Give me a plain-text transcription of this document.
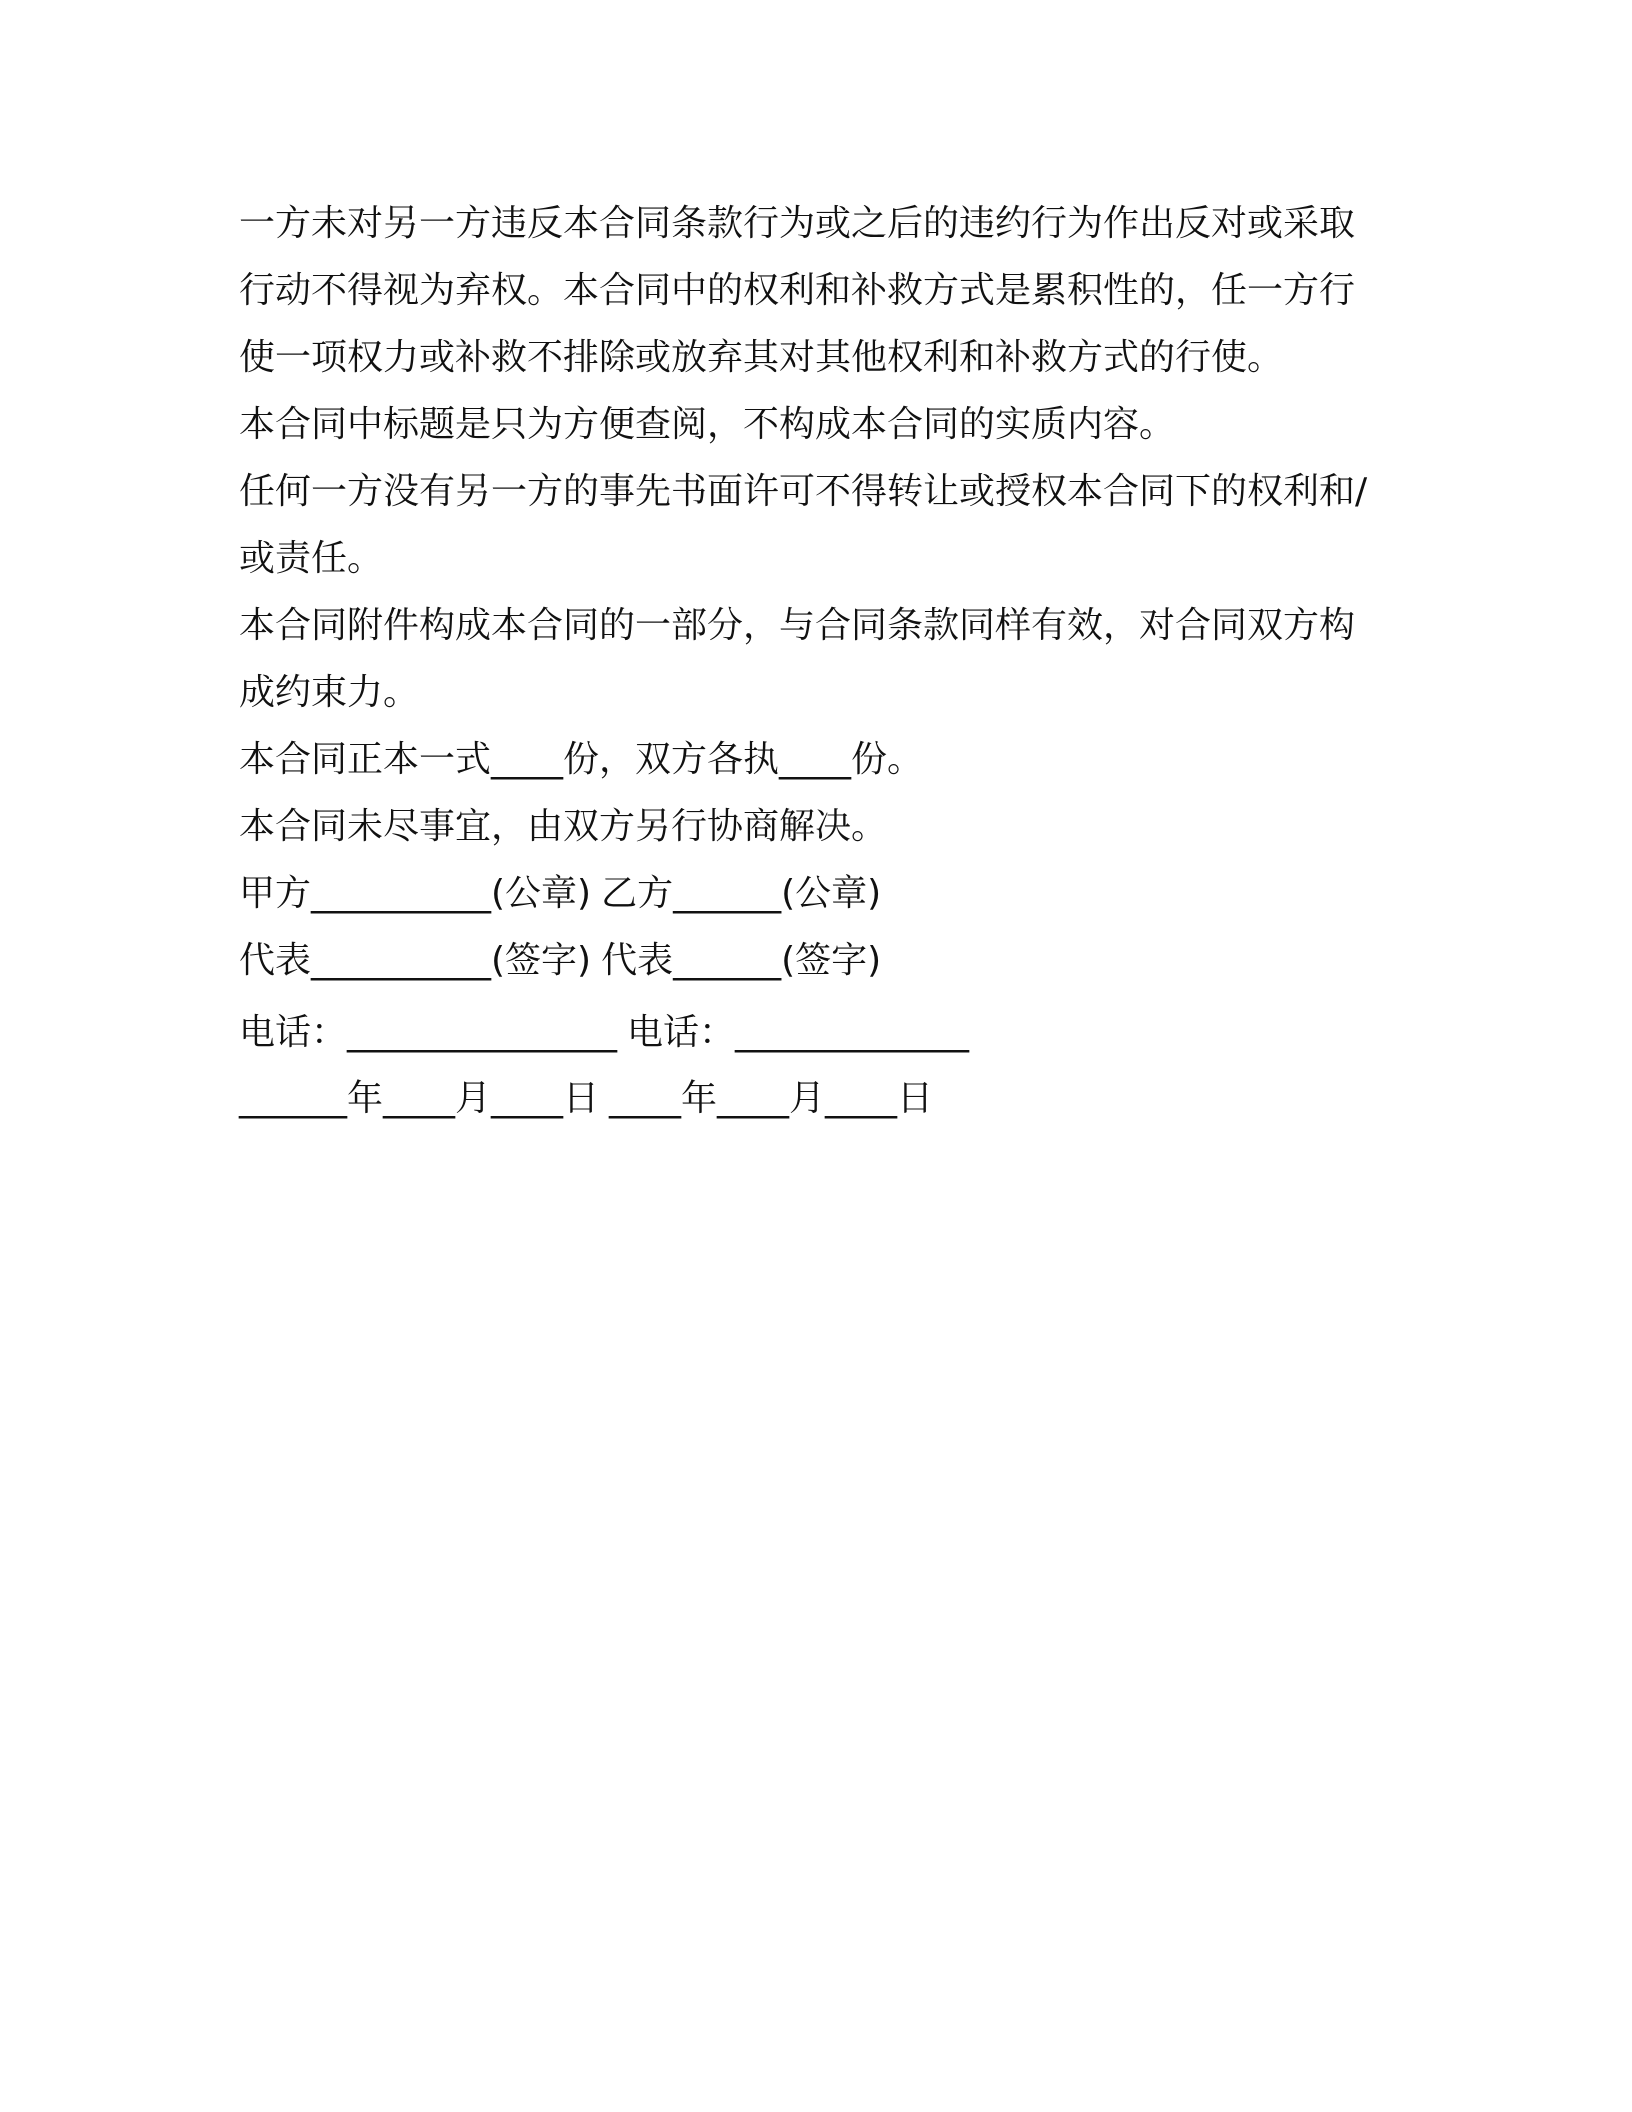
一方未对另一方违反本合同条款行为或之后的违约行为作出反对或采取行动不得视为弃权。本合同中的权利和补救方式是累积性的，任一方行使一项权力或补救不排除或放弃其对其他权利和补救方式的行使。

本合同中标题是只为方便查阅，不构成本合同的实质内容。

任何一方没有另一方的事先书面许可不得转让或授权本合同下的权利和/或责任。

本合同附件构成本合同的一部分，与合同条款同样有效，对合同双方构成约束力。

本合同正本一式____份，双方各执____份。

本合同未尽事宜，由双方另行协商解决。

甲方__________(公章) 乙方______(公章)
代表__________(签字) 代表______(签字)
电话：_______________ 电话：_____________
______年____月____日 ____年____月____日
